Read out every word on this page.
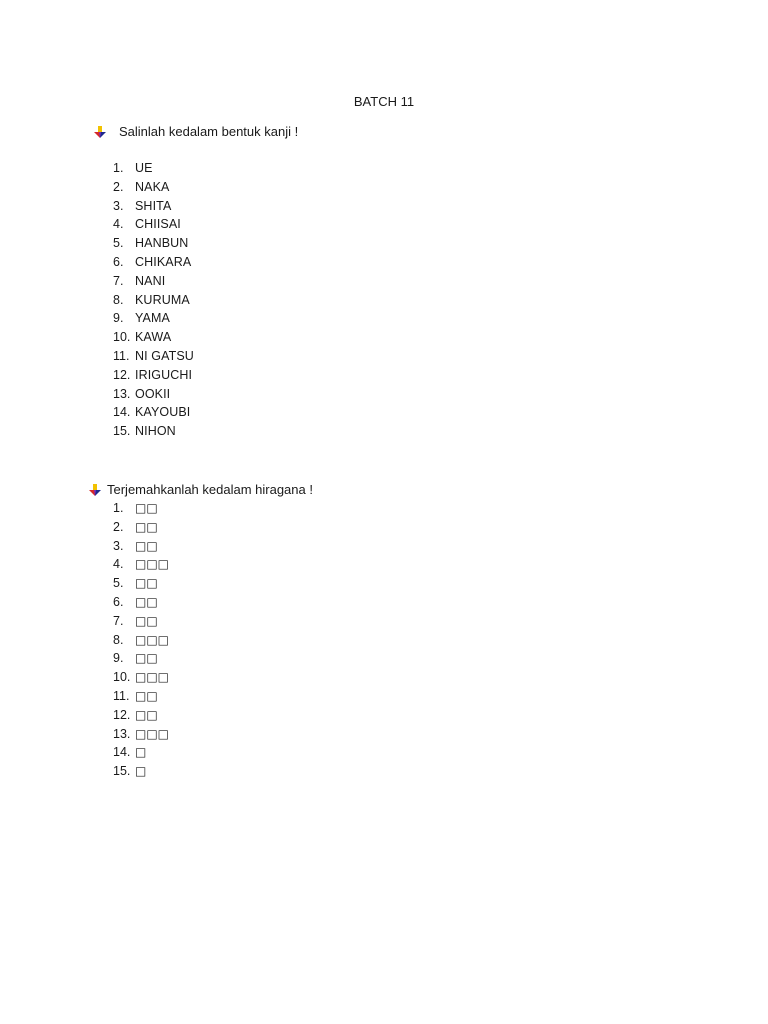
BATCH 11
Salinlah kedalam bentuk kanji !
1. UE
2. NAKA
3. SHITA
4. CHIISAI
5. HANBUN
6. CHIKARA
7. NANI
8. KURUMA
9. YAMA
10. KAWA
11. NI GATSU
12. IRIGUCHI
13. OOKII
14. KAYOUBI
15. NIHON
Terjemahkanlah kedalam hiragana !
1. □□
2. □□
3. □□
4. □□□
5. □□
6. □□
7. □□
8. □□□
9. □□
10. □□□
11. □□
12. □□
13. □□□
14. □
15. □
